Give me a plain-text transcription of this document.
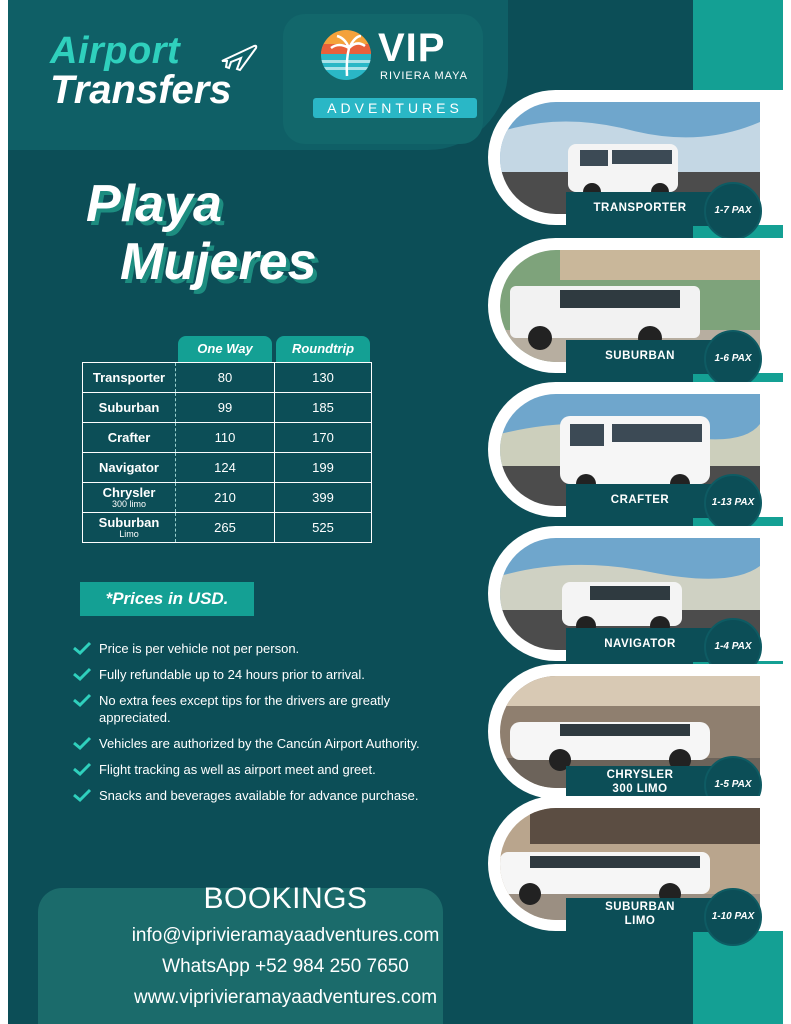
Airport
Transfers
VIP
RIVIERA MAYA
ADVENTURES
Playa
Mujeres
One Way	Roundtrip
Transporter	80	130
Suburban	99	185
Crafter	110	170
Navigator	124	199
Chrysler
300 limo	210	399
Suburban
Limo	265	525
*Prices in USD.
Price is per vehicle not per person.
Fully refundable up to 24 hours prior to arrival.
No extra fees except tips for the drivers are greatly appreciated.
Vehicles are authorized by the Cancún Airport Authority.
Flight tracking as well as airport meet and greet.
Snacks and beverages available for advance purchase.
BOOKINGS
info@viprivieramayaadventures.com
WhatsApp +52 984 250 7650
www.viprivieramayaadventures.com
TRANSPORTER	1-7 PAX
SUBURBAN	1-6 PAX
CRAFTER	1-13 PAX
NAVIGATOR	1-4 PAX
CHRYSLER
300 LIMO	1-5 PAX
SUBURBAN
LIMO	1-10 PAX
